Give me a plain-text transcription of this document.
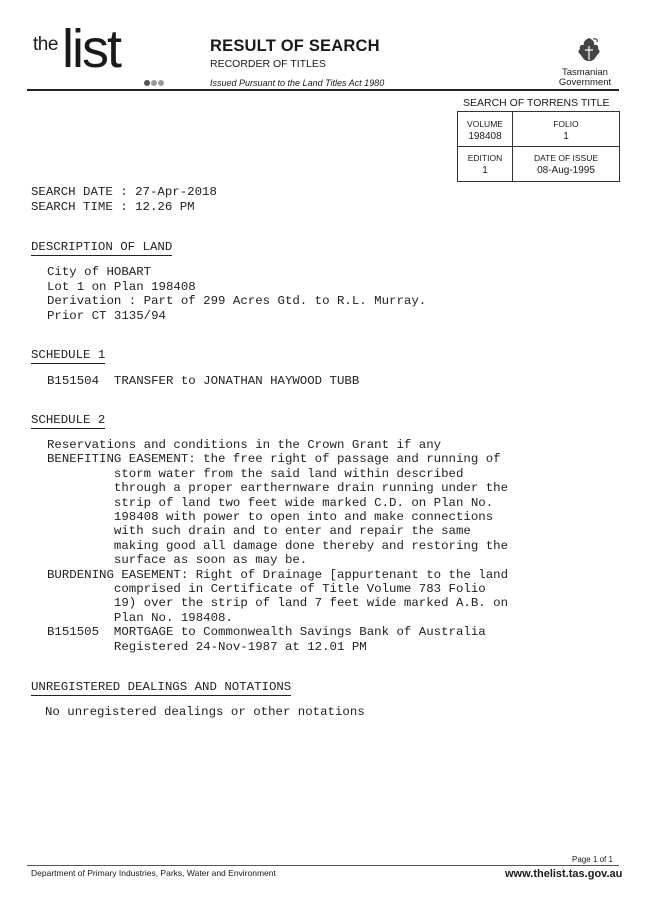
the list	RESULT OF SEARCH
RECORDER OF TITLES
Issued Pursuant to the Land Titles Act 1980
Tasmanian
Government
SEARCH OF TORRENS TITLE
VOLUME
198408
FOLIO
1
EDITION
1
DATE OF ISSUE
08-Aug-1995
SEARCH DATE : 27-Apr-2018
SEARCH TIME : 12.26 PM
DESCRIPTION OF LAND
City of HOBART
Lot 1 on Plan 198408
Derivation : Part of 299 Acres Gtd. to R.L. Murray.
Prior CT 3135/94
SCHEDULE 1
B151504  TRANSFER to JONATHAN HAYWOOD TUBB
SCHEDULE 2
Reservations and conditions in the Crown Grant if any
BENEFITING EASEMENT: the free right of passage and running of
storm water from the said land within described
through a proper earthernware drain running under the
strip of land two feet wide marked C.D. on Plan No.
198408 with power to open into and make connections
with such drain and to enter and repair the same
making good all damage done thereby and restoring the
surface as soon as may be.
BURDENING EASEMENT: Right of Drainage [appurtenant to the land
comprised in Certificate of Title Volume 783 Folio
19) over the strip of land 7 feet wide marked A.B. on
Plan No. 198408.
B151505  MORTGAGE to Commonwealth Savings Bank of Australia
Registered 24-Nov-1987 at 12.01 PM
UNREGISTERED DEALINGS AND NOTATIONS
No unregistered dealings or other notations
Page 1 of 1
Department of Primary Industries, Parks, Water and Environment	www.thelist.tas.gov.au
